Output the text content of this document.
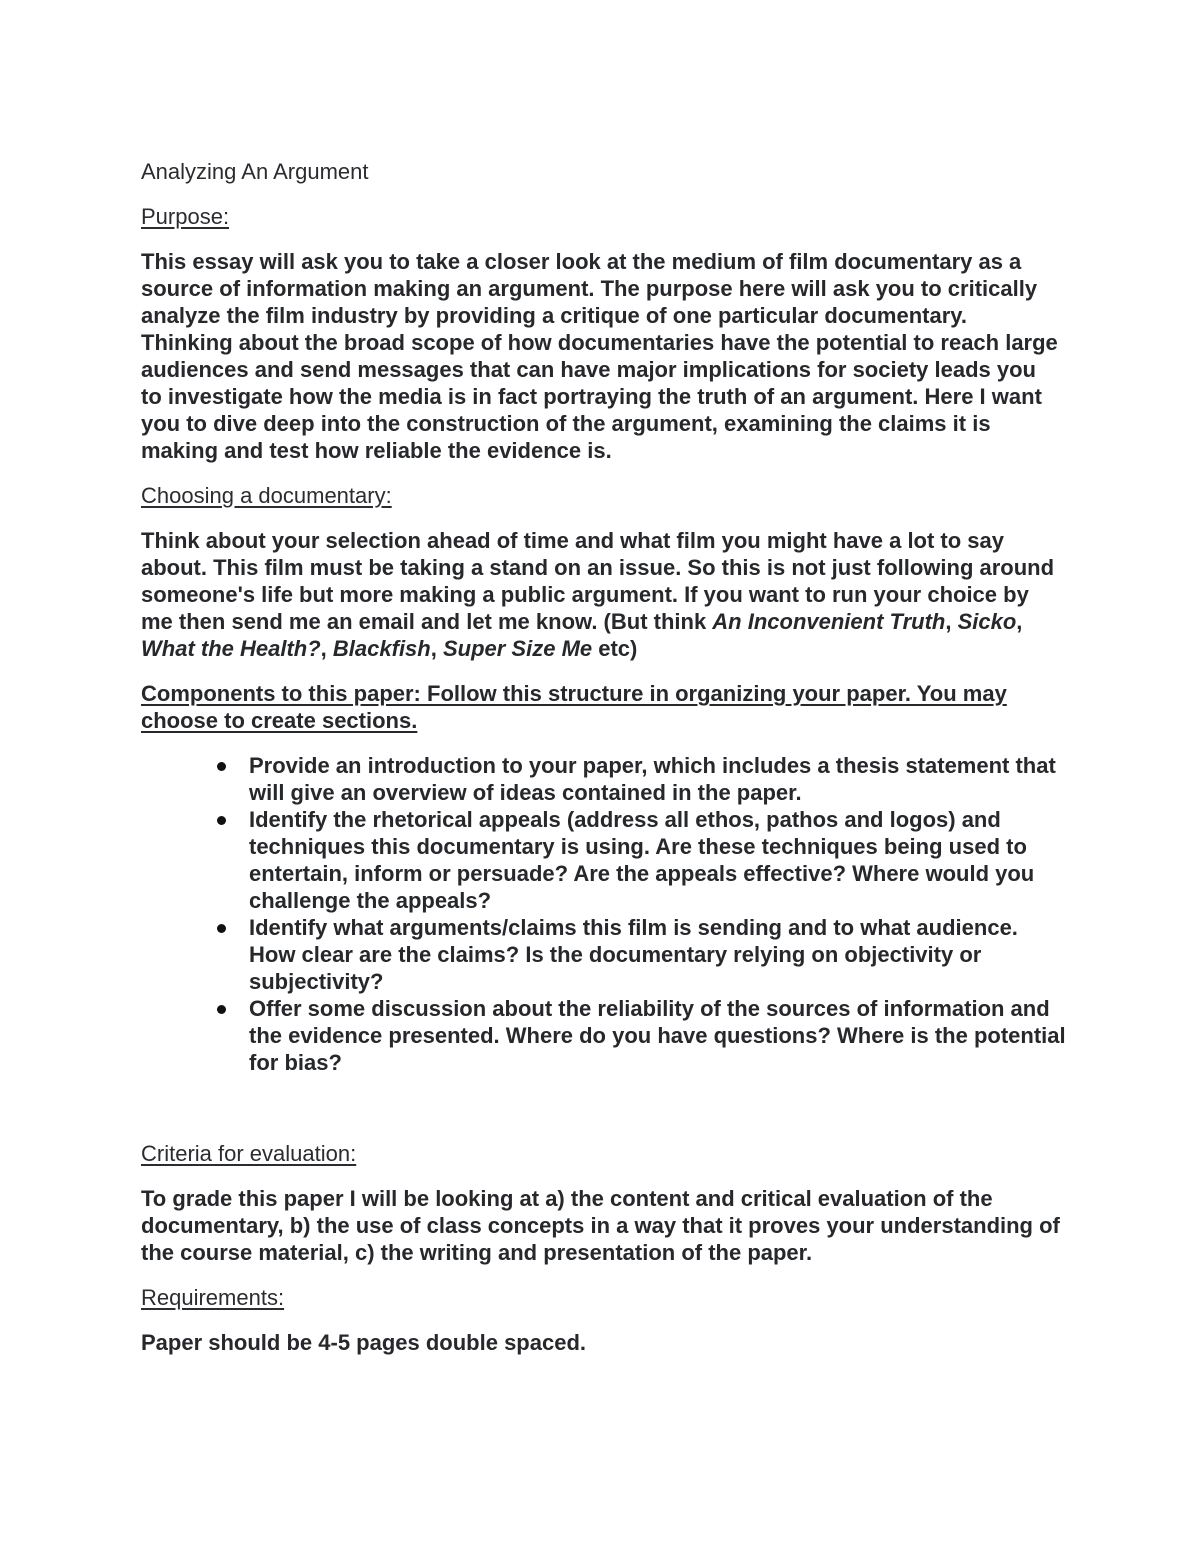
Analyzing An Argument
Purpose:

This essay will ask you to take a closer look at the medium of film documentary as a source of information making an argument. The purpose here will ask you to critically analyze the film industry by providing a critique of one particular documentary. Thinking about the broad scope of how documentaries have the potential to reach large audiences and send messages that can have major implications for society leads you to investigate how the media is in fact portraying the truth of an argument. Here I want you to dive deep into the construction of the argument, examining the claims it is making and test how reliable the evidence is.

Choosing a documentary:

Think about your selection ahead of time and what film you might have a lot to say about. This film must be taking a stand on an issue. So this is not just following around someone's life but more making a public argument. If you want to run your choice by me then send me an email and let me know. (But think An Inconvenient Truth, Sicko, What the Health?, Blackfish, Super Size Me etc)

Components to this paper: Follow this structure in organizing your paper. You may choose to create sections.
Provide an introduction to your paper, which includes a thesis statement that will give an overview of ideas contained in the paper.
Identify the rhetorical appeals (address all ethos, pathos and logos) and techniques this documentary is using. Are these techniques being used to entertain, inform or persuade? Are the appeals effective? Where would you challenge the appeals?
Identify what arguments/claims this film is sending and to what audience. How clear are the claims? Is the documentary relying on objectivity or subjectivity?
Offer some discussion about the reliability of the sources of information and the evidence presented. Where do you have questions? Where is the potential for bias?
Criteria for evaluation:

To grade this paper I will be looking at a) the content and critical evaluation of the documentary, b) the use of class concepts in a way that it proves your understanding of the course material, c) the writing and presentation of the paper.

Requirements:

Paper should be 4-5 pages double spaced.
